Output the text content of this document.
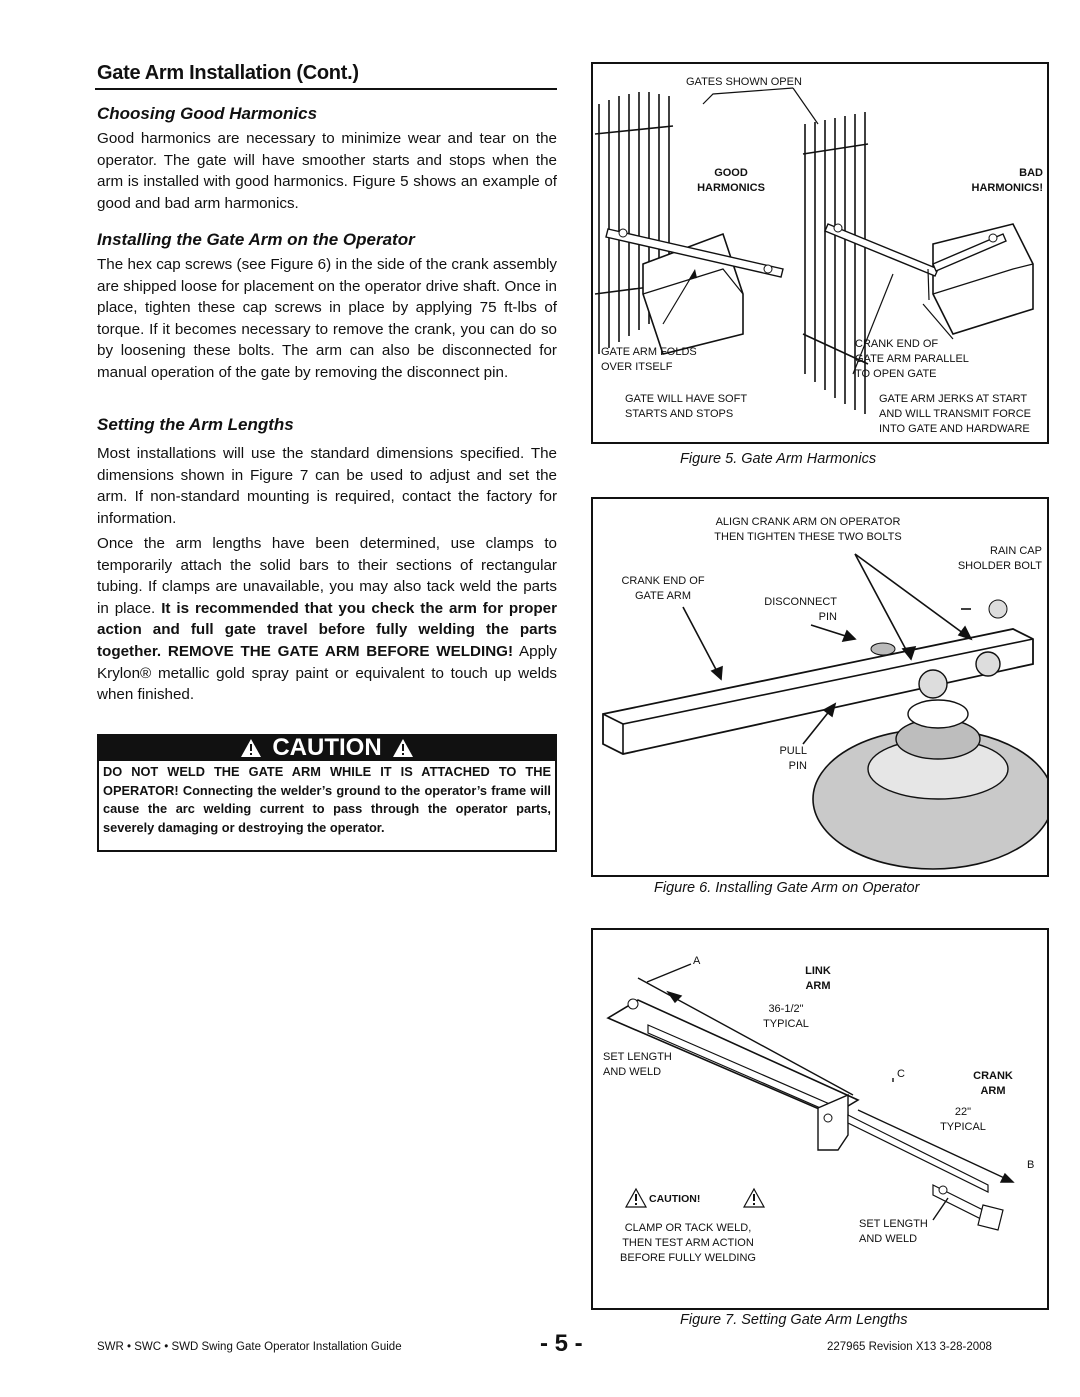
Gate Arm Installation (Cont.)
Choosing Good Harmonics
Good harmonics are necessary to minimize wear and tear on the operator. The gate will have smoother starts and stops when the arm is installed with good harmonics. Figure 5 shows an example of good and bad arm harmonics.
Installing the Gate Arm on the Operator
The hex cap screws (see Figure 6) in the side of the crank assembly are shipped loose for placement on the operator drive shaft. Once in place, tighten these cap screws in place by applying 75 ft-lbs of torque. If it becomes necessary to remove the crank, you can do so by loosening these bolts. The arm can also be disconnected for manual operation of the gate by removing the disconnect pin.
Setting the Arm Lengths
Most installations will use the standard dimensions specified. The dimensions shown in Figure 7 can be used to adjust and set the arm. If non-standard mounting is required, contact the factory for information.
Once the arm lengths have been determined, use clamps to temporarily attach the solid bars to their sections of rectangular tubing. If clamps are unavailable, you may also tack weld the parts in place. It is recommended that you check the arm for proper action and full gate travel before fully welding the parts together. REMOVE THE GATE ARM BEFORE WELDING! Apply Krylon® metallic gold spray paint or equivalent to touch up welds when finished.
CAUTION
DO NOT WELD THE GATE ARM WHILE IT IS ATTACHED TO THE OPERATOR! Connecting the welder’s ground to the operator’s frame will cause the arc welding current to pass through the operator parts, severely damaging or destroying the operator.
GATES SHOWN OPEN
GOOD
HARMONICS
BAD
HARMONICS!
GATE ARM FOLDS
OVER ITSELF
CRANK END OF
GATE ARM PARALLEL
TO OPEN GATE
GATE WILL HAVE SOFT
STARTS AND STOPS
GATE ARM JERKS AT START
AND WILL TRANSMIT FORCE
INTO GATE AND HARDWARE
Figure 5. Gate Arm Harmonics
ALIGN CRANK ARM ON OPERATOR
THEN TIGHTEN THESE TWO BOLTS
RAIN CAP
SHOLDER BOLT
CRANK END OF
GATE ARM	DISCONNECT
PIN
PULL
PIN
Figure 6. Installing Gate Arm on Operator
A
LINK
ARM
36-1/2"
TYPICAL
SET LENGTH
AND WELD	C	CRANK
ARM
22"
TYPICAL
B
CAUTION!
CLAMP OR TACK WELD,
THEN TEST ARM ACTION
BEFORE FULLY WELDING
SET LENGTH
AND WELD
Figure 7. Setting Gate Arm Lengths
SWR • SWC • SWD Swing Gate Operator Installation Guide	- 5 -	227965 Revision X13 3-28-2008
